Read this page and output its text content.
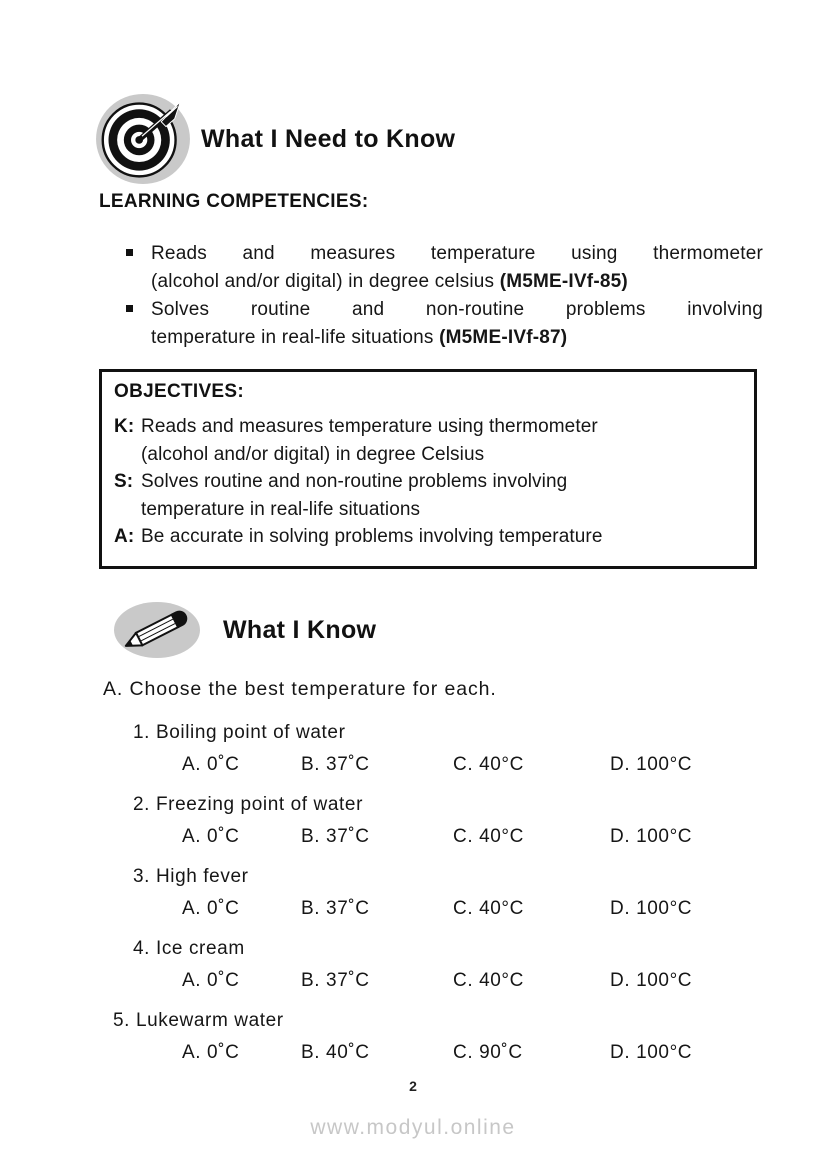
What I Need to Know
LEARNING COMPETENCIES:
Reads and measures temperature using thermometer
(alcohol and/or digital) in degree celsius (M5ME-IVf-85)
Solves routine and non-routine problems involving
temperature in real-life situations (M5ME-IVf-87)
OBJECTIVES:
K: Reads and measures temperature using thermometer
(alcohol and/or digital) in degree Celsius
S: Solves routine and non-routine problems involving
temperature in real-life situations
A: Be accurate in solving problems involving temperature
What I Know
A. Choose the best temperature for each.
1. Boiling point of water
A. 0˚C	B. 37˚C	C. 40°C	D. 100°C
2. Freezing point of water
A. 0˚C	B. 37˚C	C. 40°C	D. 100°C
3. High fever
A. 0˚C	B. 37˚C	C. 40°C	D. 100°C
4. Ice cream
A. 0˚C	B. 37˚C	C. 40°C	D. 100°C
5. Lukewarm water
A. 0˚C	B. 40˚C	C. 90˚C	D. 100°C
2
www.modyul.online
